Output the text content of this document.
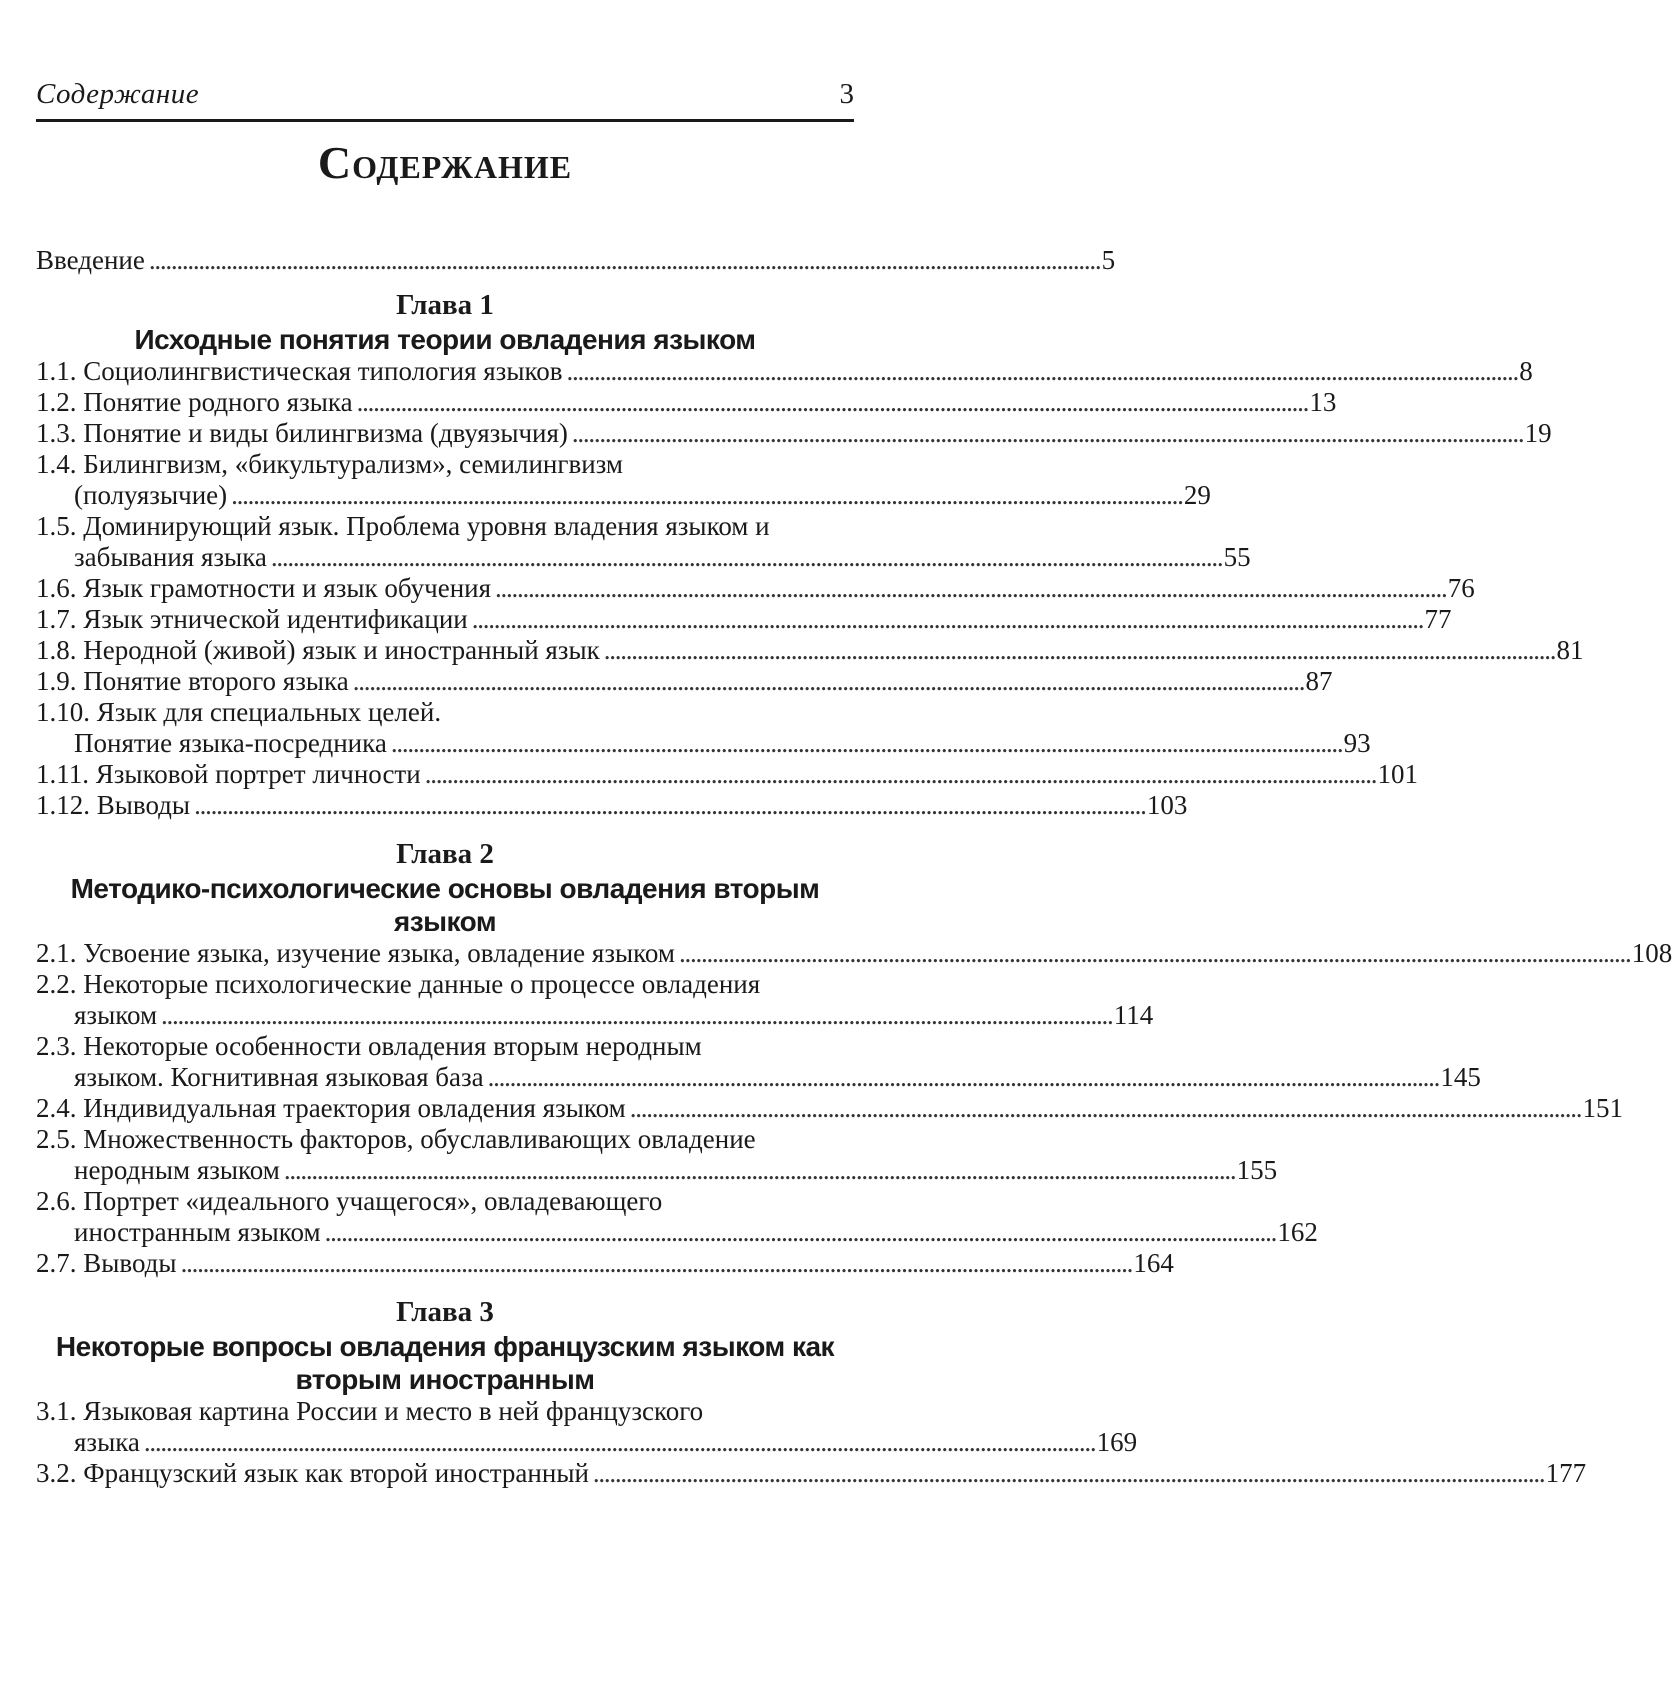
Содержание	3
Содержание
Введение . . .	5
Глава 1
Исходные понятия теории овладения языком
1.1. Социолингвистическая типология языков . . .	8
1.2. Понятие родного языка . . .	13
1.3. Понятие и виды билингвизма (двуязычия) . . .	19
1.4. Билингвизм, «бикультурализм», семилингвизм
(полуязычие) . . .	29
1.5. Доминирующий язык. Проблема уровня владения языком и
забывания языка . . .	55
1.6. Язык грамотности и язык обучения . . .	76
1.7. Язык этнической идентификации . . .	77
1.8. Неродной (живой) язык и иностранный язык . . .	81
1.9. Понятие второго языка . . .	87
1.10. Язык для специальных целей.
Понятие языка-посредника . . .	93
1.11. Языковой портрет личности . . .	101
1.12. Выводы . . .	103
Глава 2
Методико-психологические основы овладения вторым
языком
2.1. Усвоение языка, изучение языка, овладение языком . . .	108
2.2. Некоторые психологические данные о процессе овладения
языком . . .	114
2.3. Некоторые особенности овладения вторым неродным
языком. Когнитивная языковая база . . .	145
2.4. Индивидуальная траектория овладения языком . . .	151
2.5. Множественность факторов, обуславливающих овладение
неродным языком . . .	155
2.6. Портрет «идеального учащегося», овладевающего
иностранным языком . . .	162
2.7. Выводы . . .	164
Глава 3
Некоторые вопросы овладения французским языком как
вторым иностранным
3.1. Языковая картина России и место в ней французского
языка . . .	169
3.2. Французский язык как второй иностранный . . .	177
